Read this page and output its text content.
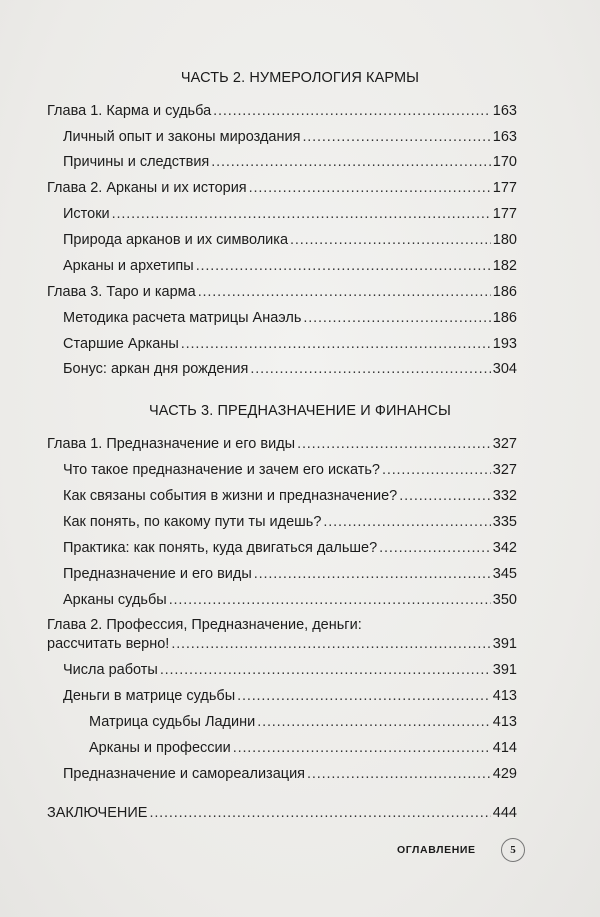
ЧАСТЬ 2. НУМЕРОЛОГИЯ КАРМЫ
Глава 1. Карма и судьба . . .	163
Личный опыт и законы мироздания . . .	163
Причины и следствия . . .	170
Глава 2. Арканы и их история . . .	177
Истоки . . .	177
Природа арканов и их символика . . .	180
Арканы и архетипы . . .	182
Глава 3. Таро и карма . . .	186
Методика расчета матрицы Анаэль . . .	186
Старшие Арканы . . .	193
Бонус: аркан дня рождения . . .	304
ЧАСТЬ 3. ПРЕДНАЗНАЧЕНИЕ И ФИНАНСЫ
Глава 1. Предназначение и его виды . . .	327
Что такое предназначение и зачем его искать? . . .	327
Как связаны события в жизни и предназначение? . . .	332
Как понять, по какому пути ты идешь? . . .	335
Практика: как понять, куда двигаться дальше? . . .	342
Предназначение и его виды . . .	345
Арканы судьбы . . .	350
Глава 2. Профессия, Предназначение, деньги:
рассчитать верно! . . .	391
Числа работы . . .	391
Деньги в матрице судьбы . . .	413
Матрица судьбы Ладини . . .	413
Арканы и профессии . . .	414
Предназначение и самореализация . . .	429
ЗАКЛЮЧЕНИЕ . . .	444
ОГЛАВЛЕНИЕ	5
